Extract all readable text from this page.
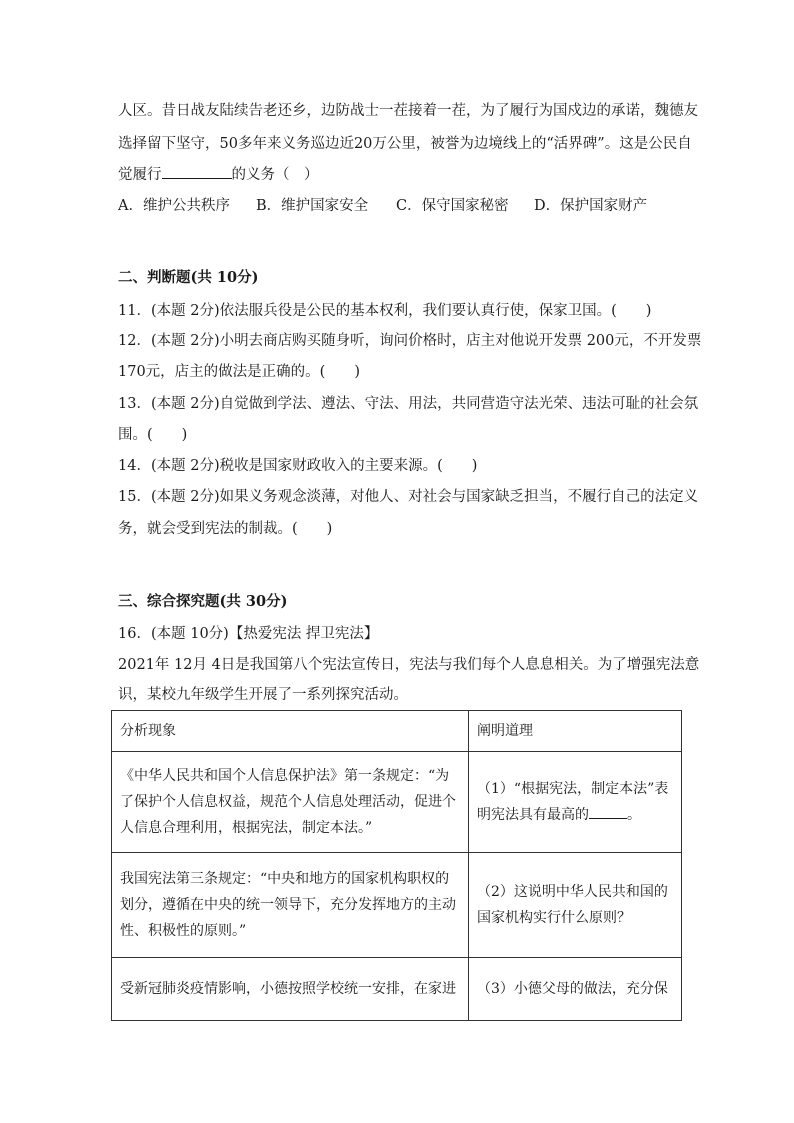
人区。昔日战友陆续告老还乡，边防战士一茬接着一茬，为了履行为国戍边的承诺，魏德友
选择留下坚守，50多年来义务巡边近20万公里，被誉为边境线上的“活界碑”。这是公民自
觉履行	的义务（　）
A．维护公共秩序 B．维护国家安全 C．保守国家秘密 D．保护国家财产
二、判断题(共 10分)
11．(本题 2分)依法服兵役是公民的基本权利，我们要认真行使，保家卫国。(　　)
12．(本题 2分)小明去商店购买随身听，询问价格时，店主对他说开发票 200元，不开发票
170元，店主的做法是正确的。(　　)
13．(本题 2分)自觉做到学法、遵法、守法、用法，共同营造守法光荣、违法可耻的社会氛
围。(　　)
14．(本题 2分)税收是国家财政收入的主要来源。(　　)
15．(本题 2分)如果义务观念淡薄，对他人、对社会与国家缺乏担当，不履行自己的法定义
务，就会受到宪法的制裁。(　　)
三、综合探究题(共 30分)
16．(本题 10分)【热爱宪法 捍卫宪法】
2021年 12月 4日是我国第八个宪法宣传日，宪法与我们每个人息息相关。为了增强宪法意
识，某校九年级学生开展了一系列探究活动。
分析现象	阐明道理
《中华人民共和国个人信息保护法》第一条规定：“为了保护个人信息权益，规范个人信息处理活动，促进个人信息合理利用，根据宪法，制定本法。”	（1）“根据宪法，制定本法”表明宪法具有最高的 。
我国宪法第三条规定：“中央和地方的国家机构职权的划分，遵循在中央的统一领导下，充分发挥地方的主动性、积极性的原则。”	（2）这说明中华人民共和国的国家机构实行什么原则？
受新冠肺炎疫情影响，小德按照学校统一安排，在家进	（3）小德父母的做法，充分保
